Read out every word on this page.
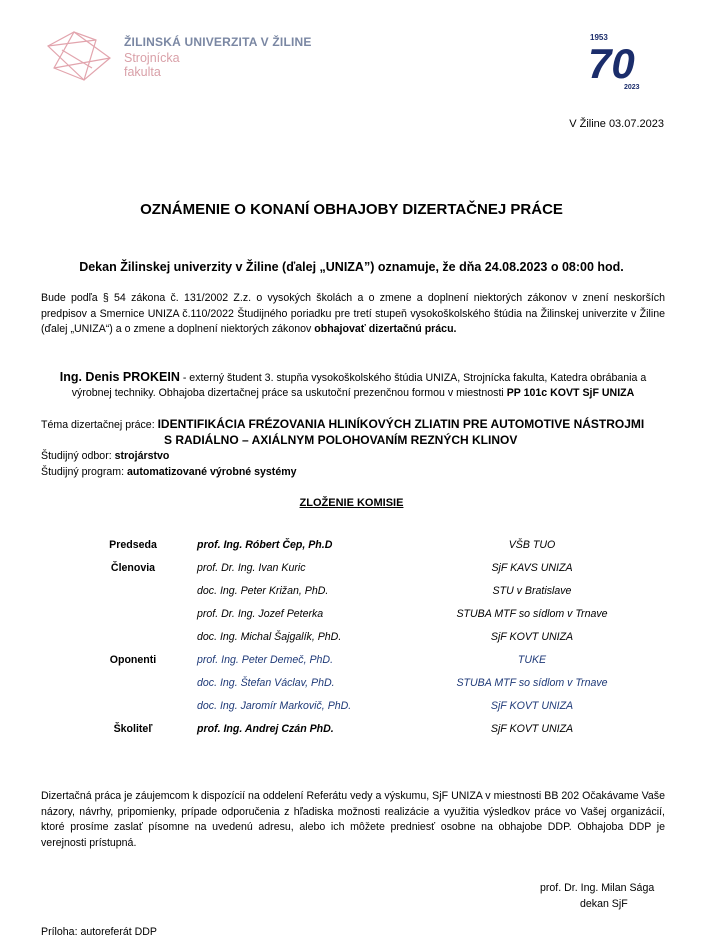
ŽILINSKÁ UNIVERZITA V ŽILINE
Strojnícka
fakulta
1953
70
2023
V Žiline 03.07.2023
OZNÁMENIE O KONANÍ OBHAJOBY DIZERTAČNEJ PRÁCE
Dekan Žilinskej univerzity v Žiline (ďalej „UNIZA”) oznamuje, že dňa 24.08.2023 o 08:00 hod.
Bude podľa § 54 zákona č. 131/2002 Z.z. o vysokých školách a o zmene a doplnení niektorých zákonov v znení neskorších predpisov a Smernice UNIZA č.110/2022 Študijného poriadku pre tretí stupeň vysokoškolského štúdia na Žilinskej univerzite v Žiline (ďalej „UNIZA“) a o zmene a doplnení niektorých zákonov obhajovať dizertačnú prácu.
Ing. Denis PROKEIN - externý študent 3. stupňa vysokoškolského štúdia UNIZA, Strojnícka fakulta, Katedra obrábania a výrobnej techniky. Obhajoba dizertačnej práce sa uskutoční prezenčnou formou v miestnosti PP 101c KOVT SjF UNIZA
Téma dizertačnej práce: IDENTIFIKÁCIA FRÉZOVANIA HLINÍKOVÝCH ZLIATIN PRE AUTOMOTIVE NÁSTROJMI
S RADIÁLNO – AXIÁLNYM POLOHOVANÍM REZNÝCH KLINOV
Študijný odbor: strojárstvo
Študijný program: automatizované výrobné systémy
ZLOŽENIE KOMISIE
Predseda	prof. Ing. Róbert Čep, Ph.D	VŠB TUO
Členovia	prof. Dr. Ing. Ivan Kuric	SjF KAVS UNIZA
doc. Ing. Peter Križan, PhD.	STU v Bratislave
prof. Dr. Ing. Jozef Peterka	STUBA MTF so sídlom v Trnave
doc. Ing. Michal Šajgalík, PhD.	SjF KOVT UNIZA
Oponenti	prof. Ing. Peter Demeč, PhD.	TUKE
doc. Ing. Štefan Václav, PhD.	STUBA MTF so sídlom v Trnave
doc. Ing. Jaromír Markovič, PhD.	SjF KOVT UNIZA
Školiteľ	prof. Ing. Andrej Czán PhD.	SjF KOVT UNIZA
Dizertačná práca je záujemcom k dispozícií na oddelení Referátu vedy a výskumu, SjF UNIZA v miestnosti BB 202 Očakávame Vaše názory, návrhy, pripomienky, prípade odporučenia z hľadiska možnosti realizácie a využitia výsledkov práce vo Vašej organizácií, ktoré prosíme zaslať písomne na uvedenú adresu, alebo ich môžete predniesť osobne na obhajobe DDP. Obhajoba DDP je verejnosti prístupná.
prof. Dr. Ing. Milan Sága
dekan SjF
Príloha: autoreferát DDP
